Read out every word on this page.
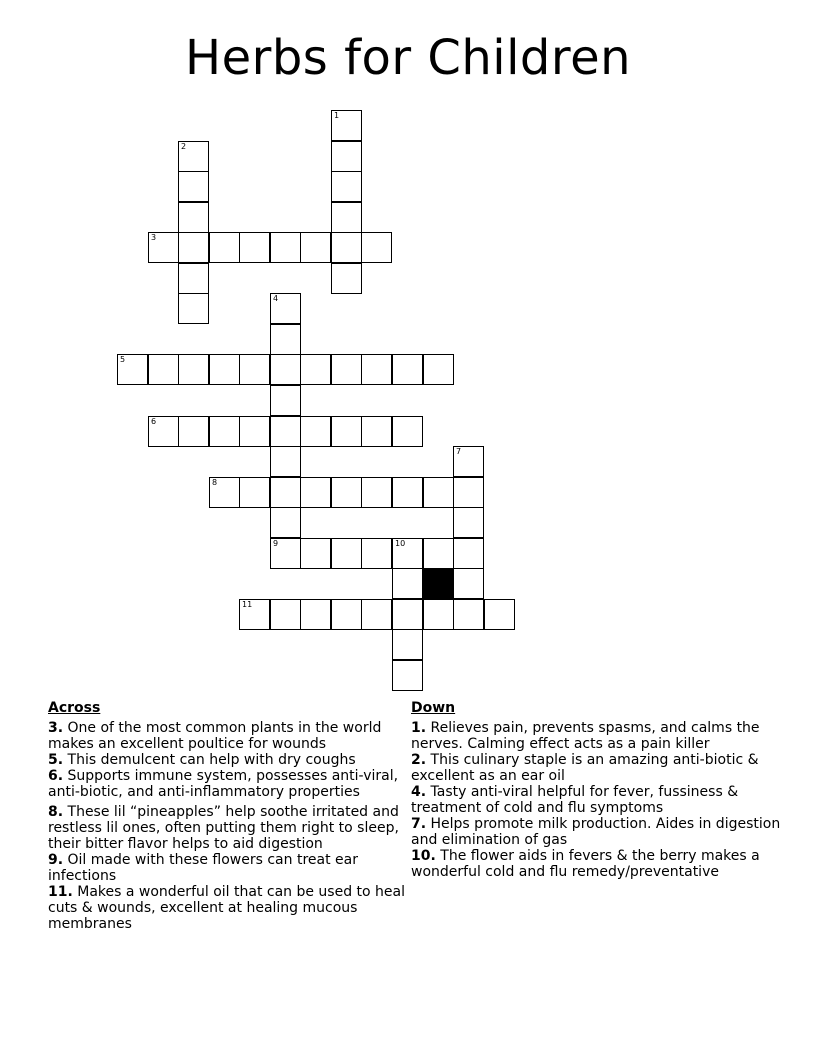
Herbs for Children
1
2
3
4
9
5
6
7
8
10
11
Across
3. One of the most common plants in the world makes an excellent poultice for wounds
5. This demulcent can help with dry coughs
6. Supports immune system, possesses anti-viral, anti-biotic, and anti-inflammatory properties
8. These lil “pineapples” help soothe irritated and restless lil ones, often putting them right to sleep, their bitter flavor helps to aid digestion
9. Oil made with these flowers can treat ear infections
11. Makes a wonderful oil that can be used to heal cuts & wounds, excellent at healing mucous membranes
Down
1. Relieves pain, prevents spasms, and calms the nerves. Calming effect acts as a pain killer
2. This culinary staple is an amazing anti-biotic & excellent as an ear oil
4. Tasty anti-viral helpful for fever, fussiness & treatment of cold and flu symptoms
7. Helps promote milk production. Aides in digestion and elimination of gas
10. The flower aids in fevers & the berry makes a wonderful cold and flu remedy/preventative
